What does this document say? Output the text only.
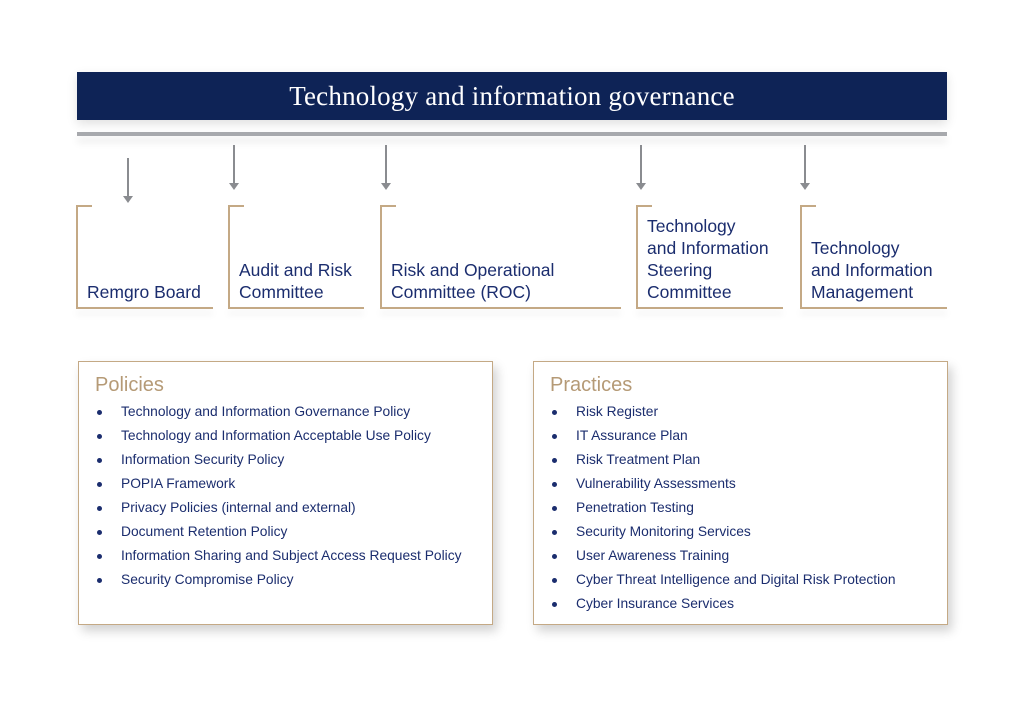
Technology and information governance
Remgro Board
Audit and Risk
Committee
Risk and Operational
Committee (ROC)
Technology
and Information
Steering
Committee
Technology
and Information
Management
Policies
Technology and Information Governance Policy
Technology and Information Acceptable Use Policy
Information Security Policy
POPIA Framework
Privacy Policies (internal and external)
Document Retention Policy
Information Sharing and Subject Access Request Policy
Security Compromise Policy
Practices
Risk Register
IT Assurance Plan
Risk Treatment Plan
Vulnerability Assessments
Penetration Testing
Security Monitoring Services
User Awareness Training
Cyber Threat Intelligence and Digital Risk Protection
Cyber Insurance Services
